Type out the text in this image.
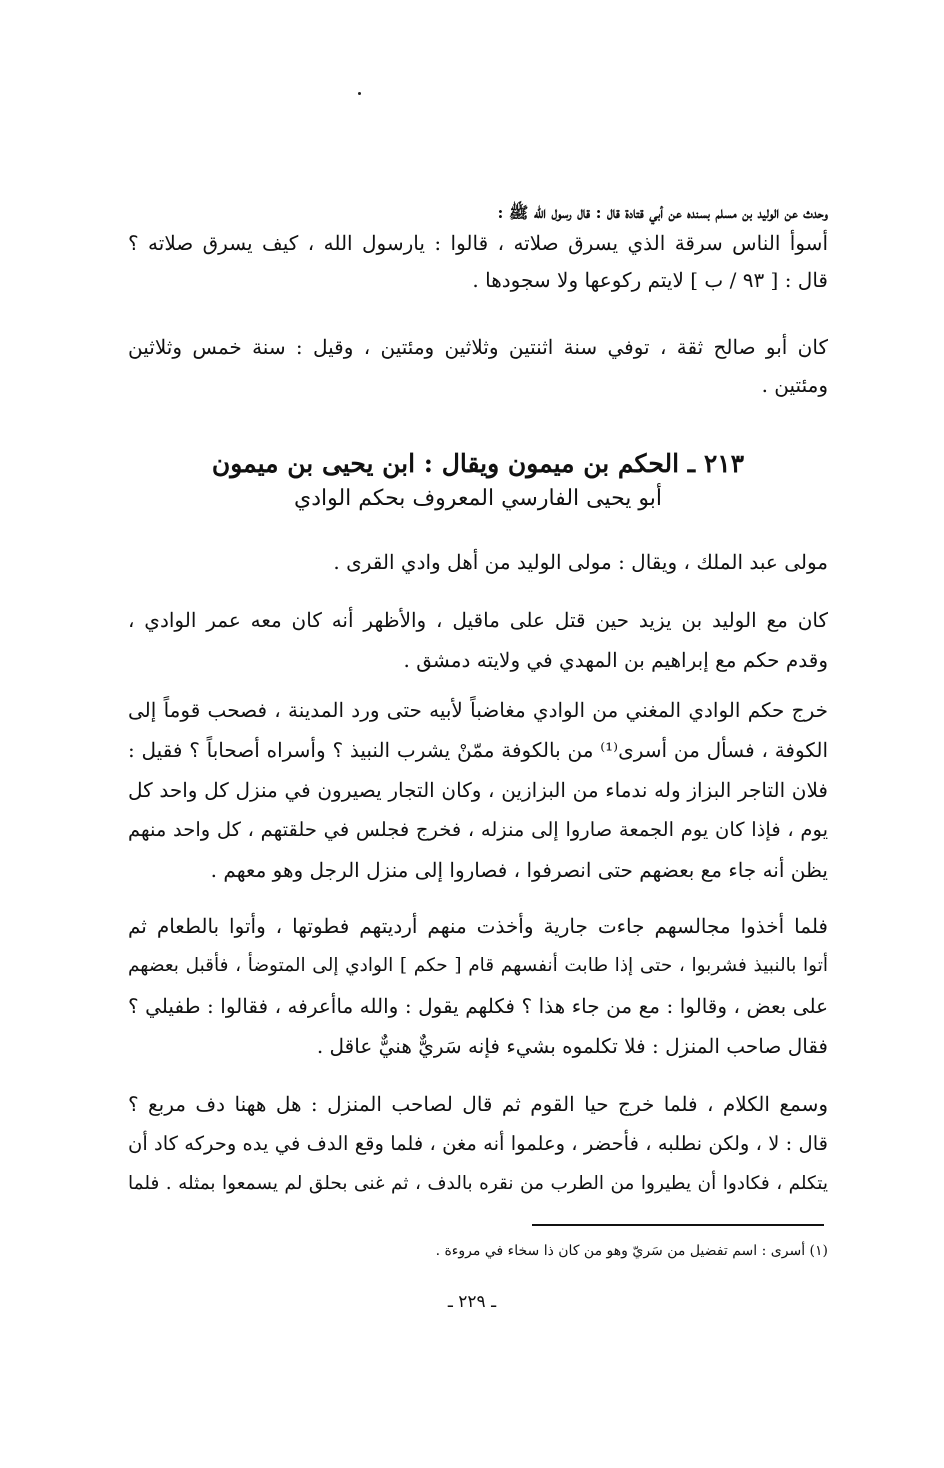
وحدث عن الوليد بن مسلم بسنده عن أبي قتادة قال : قال رسول الله ﷺ :
أسوأ الناس سرقة الذي يسرق صلاته ، قالوا : يارسول الله ، كيف يسرق صلاته ؟
قال : [ ٩٣ / ب ] لايتم ركوعها ولا سجودها .
كان أبو صالح ثقة ، توفي سنة اثنتين وثلاثين ومئتين ، وقيل : سنة خمس وثلاثين
ومئتين .
٢١٣ ـ الحكم بن ميمون ويقال : ابن يحيى بن ميمون
أبو يحيى الفارسي المعروف بحكم الوادي
مولى عبد الملك ، ويقال : مولى الوليد من أهل وادي القرى .
كان مع الوليد بن يزيد حين قتل على ماقيل ، والأظهر أنه كان معه عمر الوادي ،
وقدم حكم مع إبراهيم بن المهدي في ولايته دمشق .
خرج حكم الوادي المغني من الوادي مغاضباً لأبيه حتى ورد المدينة ، فصحب قوماً إلى
الكوفة ، فسأل من أسرى⁽¹⁾ من بالكوفة ممّنْ يشرب النبيذ ؟ وأسراه أصحاباً ؟ فقيل :
فلان التاجر البزاز وله ندماء من البزازين ، وكان التجار يصيرون في منزل كل واحد كل
يوم ، فإذا كان يوم الجمعة صاروا إلى منزله ، فخرج فجلس في حلقتهم ، كل واحد منهم
يظن أنه جاء مع بعضهم حتى انصرفوا ، فصاروا إلى منزل الرجل وهو معهم .
فلما أخذوا مجالسهم جاءت جارية وأخذت منهم أرديتهم فطوتها ، وأتوا بالطعام ثم
أتوا بالنبيذ فشربوا ، حتى إذا طابت أنفسهم قام [ حكم ] الوادي إلى المتوضأ ، فأقبل بعضهم
على بعض ، وقالوا : مع من جاء هذا ؟ فكلهم يقول : والله ماأعرفه ، فقالوا : طفيلي ؟
فقال صاحب المنزل : فلا تكلموه بشيء فإنه سَريٌّ هنيٌّ عاقل .
وسمع الكلام ، فلما خرج حيا القوم ثم قال لصاحب المنزل : هل ههنا دف مربع ؟
قال : لا ، ولكن نطلبه ، فأحضر ، وعلموا أنه مغن ، فلما وقع الدف في يده وحركه كاد أن
يتكلم ، فكادوا أن يطيروا من الطرب من نقره بالدف ، ثم غنى بحلق لم يسمعوا بمثله . فلما
(١) أسرى : اسم تفضيل من سَريّ وهو من كان ذا سخاء في مروءة .
ـ ٢٢٩ ـ
